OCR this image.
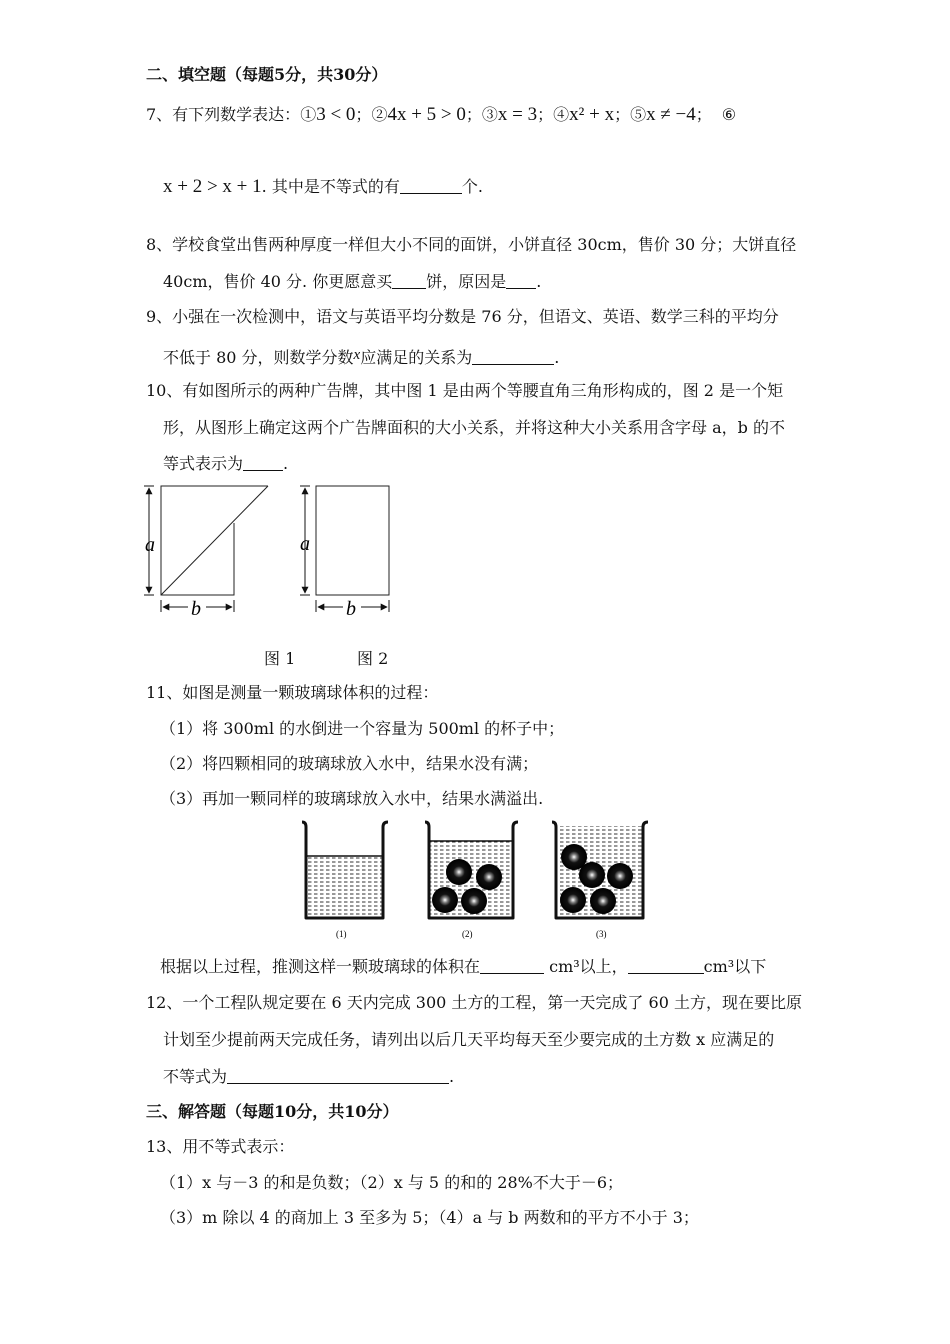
二、填空题（每题5分，共30分）
7、有下列数学表达：①3 < 0；②4x + 5 > 0；③x = 3；④x² + x；⑤x ≠ −4； ⑥
x + 2 > x + 1. 其中是不等式的有	个.
8、学校食堂出售两种厚度一样但大小不同的面饼，小饼直径 30cm，售价 30 分；大饼直径
40cm，售价 40 分. 你更愿意买 饼，原因是 .
9、小强在一次检测中，语文与英语平均分数是 76 分，但语文、英语、数学三科的平均分
不低于 80 分，则数学分数x应满足的关系为	.
10、有如图所示的两种广告牌，其中图 1 是由两个等腰直角三角形构成的，图 2 是一个矩
形，从图形上确定这两个广告牌面积的大小关系，并将这种大小关系用含字母 a，b 的不
等式表示为	.
a
b
a
b
图 1	图 2
11、如图是测量一颗玻璃球体积的过程：
（1）将 300ml 的水倒进一个容量为 500ml 的杯子中；
（2）将四颗相同的玻璃球放入水中，结果水没有满；
（3）再加一颗同样的玻璃球放入水中，结果水满溢出.
(1)	(2)	(3)
根据以上过程，推测这样一颗玻璃球的体积在	cm³以上，	cm³以下
12、一个工程队规定要在 6 天内完成 300 土方的工程，第一天完成了 60 土方，现在要比原
计划至少提前两天完成任务，请列出以后几天平均每天至少要完成的土方数 x 应满足的
不等式为	.
三、解答题（每题10分，共10分）
13、用不等式表示：
（1）x 与－3 的和是负数；（2）x 与 5 的和的 28%不大于－6；
（3）m 除以 4 的商加上 3 至多为 5；（4）a 与 b 两数和的平方不小于 3；
